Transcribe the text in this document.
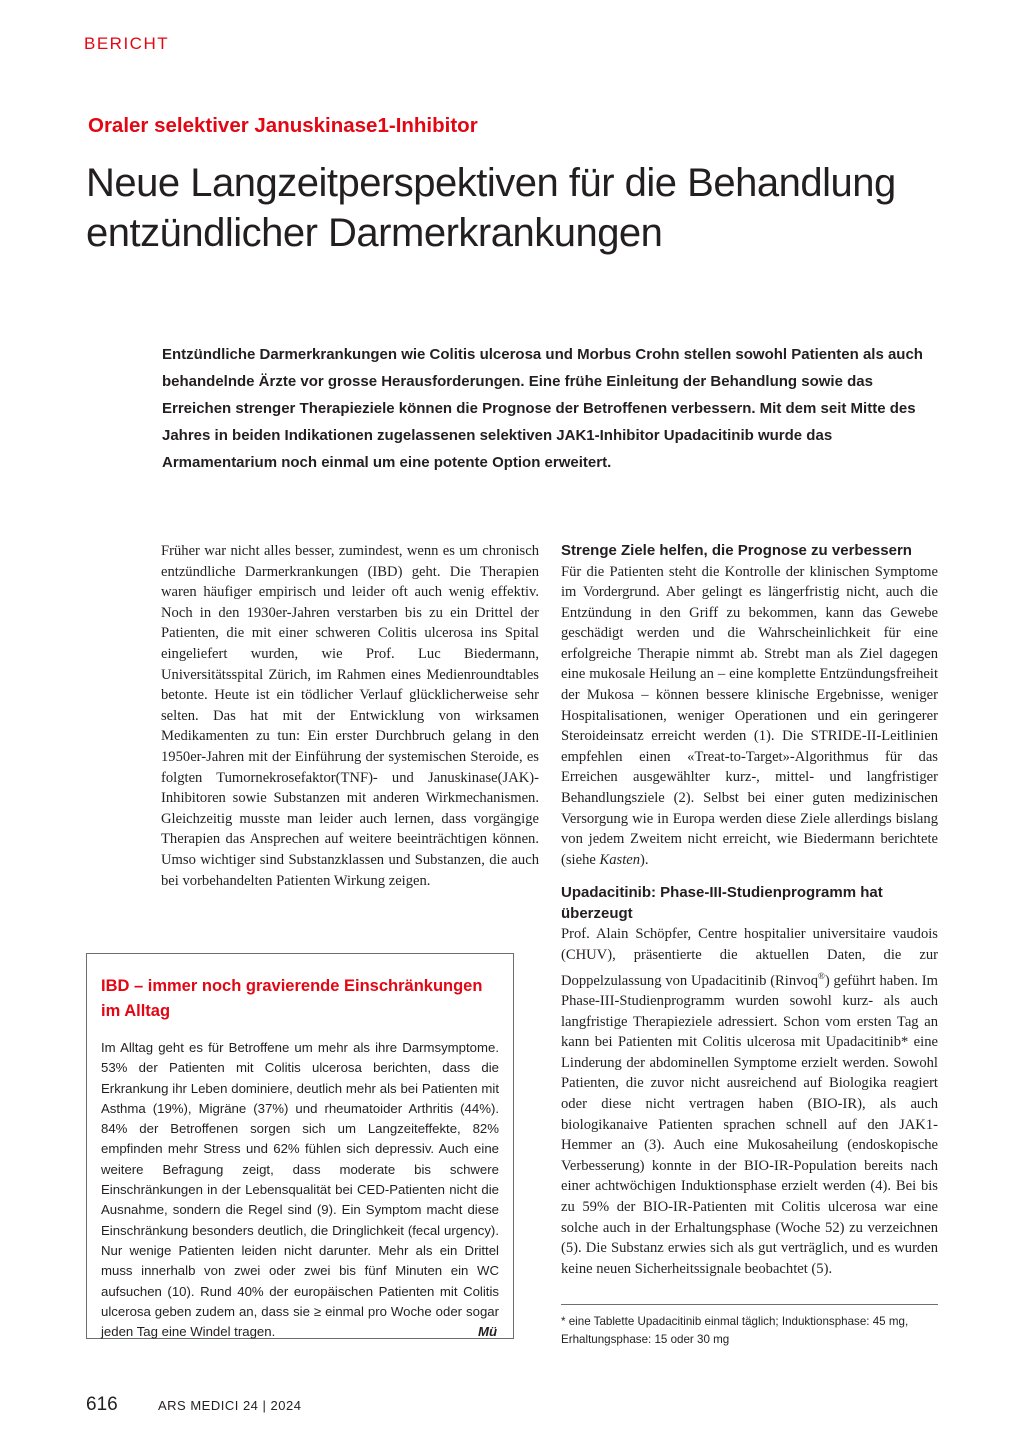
BERICHT
Oraler selektiver Januskinase1-Inhibitor
Neue Langzeitperspektiven für die Behandlung entzündlicher Darmerkrankungen

Entzündliche Darmerkrankungen wie Colitis ulcerosa und Morbus Crohn stellen sowohl Patienten als auch behandelnde Ärzte vor grosse Herausforderungen. Eine frühe Einleitung der Behandlung sowie das Erreichen strenger Therapieziele können die Prognose der Betroffenen verbessern. Mit dem seit Mitte des Jahres in beiden Indikationen zugelassenen selektiven JAK1-Inhibitor Upadacitinib wurde das Armamentarium noch einmal um eine potente Option erweitert.

Früher war nicht alles besser, zumindest, wenn es um chronisch entzündliche Darmerkrankungen (IBD) geht. Die Therapien waren häufiger empirisch und leider oft auch wenig effektiv. Noch in den 1930er-Jahren verstarben bis zu ein Drittel der Patienten, die mit einer schweren Colitis ulcerosa ins Spital eingeliefert wurden, wie Prof. Luc Biedermann, Universitätsspital Zürich, im Rahmen eines Medienroundtables betonte. Heute ist ein tödlicher Verlauf glücklicherweise sehr selten. Das hat mit der Entwicklung von wirksamen Medikamenten zu tun: Ein erster Durchbruch gelang in den 1950er-Jahren mit der Einführung der systemischen Steroide, es folgten Tumornekrosefaktor(TNF)- und Januskinase(JAK)-Inhibitoren sowie Substanzen mit anderen Wirkmechanismen. Gleichzeitig musste man leider auch lernen, dass vorgängige Therapien das Ansprechen auf weitere beeinträchtigen können. Umso wichtiger sind Substanzklassen und Substanzen, die auch bei vorbehandelten Patienten Wirkung zeigen.

Strenge Ziele helfen, die Prognose zu verbessern

Für die Patienten steht die Kontrolle der klinischen Symptome im Vordergrund. Aber gelingt es längerfristig nicht, auch die Entzündung in den Griff zu bekommen, kann das Gewebe geschädigt werden und die Wahrscheinlichkeit für eine erfolgreiche Therapie nimmt ab. Strebt man als Ziel dagegen eine mukosale Heilung an – eine komplette Entzündungsfreiheit der Mukosa – können bessere klinische Ergebnisse, weniger Hospitalisationen, weniger Operationen und ein geringerer Steroideinsatz erreicht werden (1). Die STRIDE-II-Leitlinien empfehlen einen «Treat-to-Target»-Algorithmus für das Erreichen ausgewählter kurz-, mittel- und langfristiger Behandlungsziele (2). Selbst bei einer guten medizinischen Versorgung wie in Europa werden diese Ziele allerdings bislang von jedem Zweitem nicht erreicht, wie Biedermann berichtete (siehe Kasten).

Upadacitinib: Phase-III-Studienprogramm hat überzeugt

Prof. Alain Schöpfer, Centre hospitalier universitaire vaudois (CHUV), präsentierte die aktuellen Daten, die zur Doppelzulassung von Upadacitinib (Rinvoq®) geführt haben. Im Phase-III-Studienprogramm wurden sowohl kurz- als auch langfristige Therapieziele adressiert. Schon vom ersten Tag an kann bei Patienten mit Colitis ulcerosa mit Upadacitinib* eine Linderung der abdominellen Symptome erzielt werden. Sowohl Patienten, die zuvor nicht ausreichend auf Biologika reagiert oder diese nicht vertragen haben (BIO-IR), als auch biologikanaive Patienten sprachen schnell auf den JAK1-Hemmer an (3). Auch eine Mukosaheilung (endoskopische Verbesserung) konnte in der BIO-IR-Population bereits nach einer achtwöchigen Induktionsphase erzielt werden (4). Bei bis zu 59% der BIO-IR-Patienten mit Colitis ulcerosa war eine solche auch in der Erhaltungsphase (Woche 52) zu verzeichnen (5). Die Substanz erwies sich als gut verträglich, und es wurden keine neuen Sicherheitssignale beobachtet (5).

IBD – immer noch gravierende Einschränkungen im Alltag

Im Alltag geht es für Betroffene um mehr als ihre Darmsymptome. 53% der Patienten mit Colitis ulcerosa berichten, dass die Erkrankung ihr Leben dominiere, deutlich mehr als bei Patienten mit Asthma (19%), Migräne (37%) und rheumatoider Arthritis (44%). 84% der Betroffenen sorgen sich um Langzeiteffekte, 82% empfinden mehr Stress und 62% fühlen sich depressiv. Auch eine weitere Befragung zeigt, dass moderate bis schwere Einschränkungen in der Lebensqualität bei CED-Patienten nicht die Ausnahme, sondern die Regel sind (9). Ein Symptom macht diese Einschränkung besonders deutlich, die Dringlichkeit (fecal urgency). Nur wenige Patienten leiden nicht darunter. Mehr als ein Drittel muss innerhalb von zwei oder zwei bis fünf Minuten ein WC aufsuchen (10). Rund 40% der europäischen Patienten mit Colitis ulcerosa geben zudem an, dass sie ≥ einmal pro Woche oder sogar jeden Tag eine Windel tragen.	Mü

* eine Tablette Upadacitinib einmal täglich; Induktionsphase: 45 mg, Erhaltungsphase: 15 oder 30 mg

616	ARS MEDICI 24 | 2024
